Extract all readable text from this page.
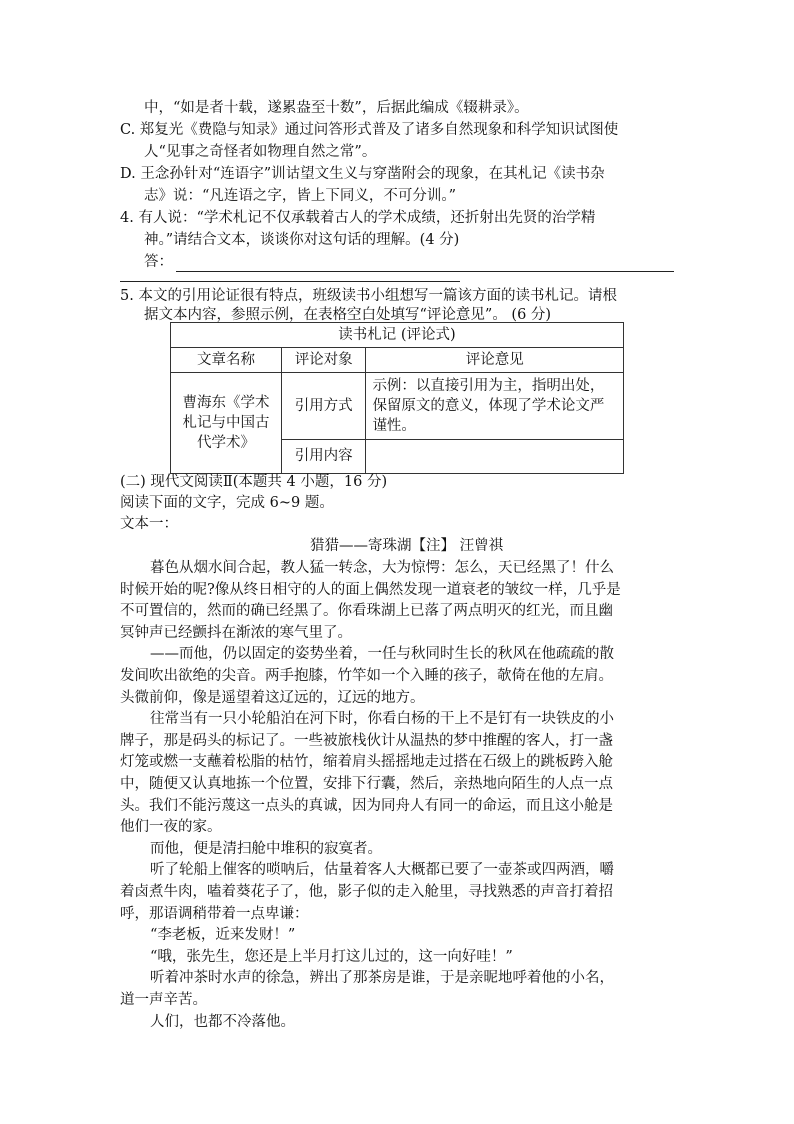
中，“如是者十载，遂累盎至十数”，后据此编成《辍耕录》。
C. 郑复光《费隐与知录》通过问答形式普及了诸多自然现象和科学知识试图使
人“见事之奇怪者如物理自然之常”。
D. 王念孙针对“连语字”训诂望文生义与穿凿附会的现象，在其札记《读书杂
志》说：“凡连语之字，皆上下同义，不可分训。”
4. 有人说：“学术札记不仅承载着古人的学术成绩，还折射出先贤的治学精
神。”请结合文本，谈谈你对这句话的理解。(4 分)
答：
5. 本文的引用论证很有特点，班级读书小组想写一篇该方面的读书札记。请根
据文本内容，参照示例，在表格空白处填写“评论意见”。 (6 分)
读书札记 (评论式)		
文章名称	评论对象	评论意见
曹海东《学术札记与中国古代学术》	引用方式	示例：以直接引用为主，指明出处，保留原文的意义，体现了学术论文严谨性。
	引用内容	
(二) 现代文阅读Ⅱ(本题共 4 小题，16 分)
阅读下面的文字，完成 6~9 题。
文本一：
猎猎——寄珠湖【注】 汪曾祺
暮色从烟水间合起，教人猛一转念，大为惊愕：怎么，天已经黑了！什么
时候开始的呢?像从终日相守的人的面上偶然发现一道衰老的皱纹一样，几乎是
不可置信的，然而的确已经黑了。你看珠湖上已落了两点明灭的红光，而且幽
冥钟声已经颤抖在渐浓的寒气里了。
——而他，仍以固定的姿势坐着，一任与秋同时生长的秋风在他疏疏的散
发间吹出欲绝的尖音。两手抱膝，竹竿如一个入睡的孩子，欹倚在他的左肩。
头微前仰，像是遥望着这辽远的，辽远的地方。
往常当有一只小轮船泊在河下时，你看白杨的干上不是钉有一块铁皮的小
牌子，那是码头的标记了。一些被旅栈伙计从温热的梦中推醒的客人，打一盏
灯笼或燃一支蘸着松脂的枯竹，缩着肩头摇摇地走过搭在石级上的跳板跨入舱
中，随便又认真地拣一个位置，安排下行囊，然后，亲热地向陌生的人点一点
头。我们不能污蔑这一点头的真诚，因为同舟人有同一的命运，而且这小舱是
他们一夜的家。
而他，便是清扫舱中堆积的寂寞者。
听了轮船上催客的唢呐后，估量着客人大概都已要了一壶茶或四两酒，嚼
着卤煮牛肉，嗑着葵花子了，他，影子似的走入舱里，寻找熟悉的声音打着招
呼，那语调稍带着一点卑谦：
“李老板，近来发财！”
“哦，张先生，您还是上半月打这儿过的，这一向好哇！”
听着冲茶时水声的徐急，辨出了那茶房是谁，于是亲昵地呼着他的小名，
道一声辛苦。
人们，也都不冷落他。
